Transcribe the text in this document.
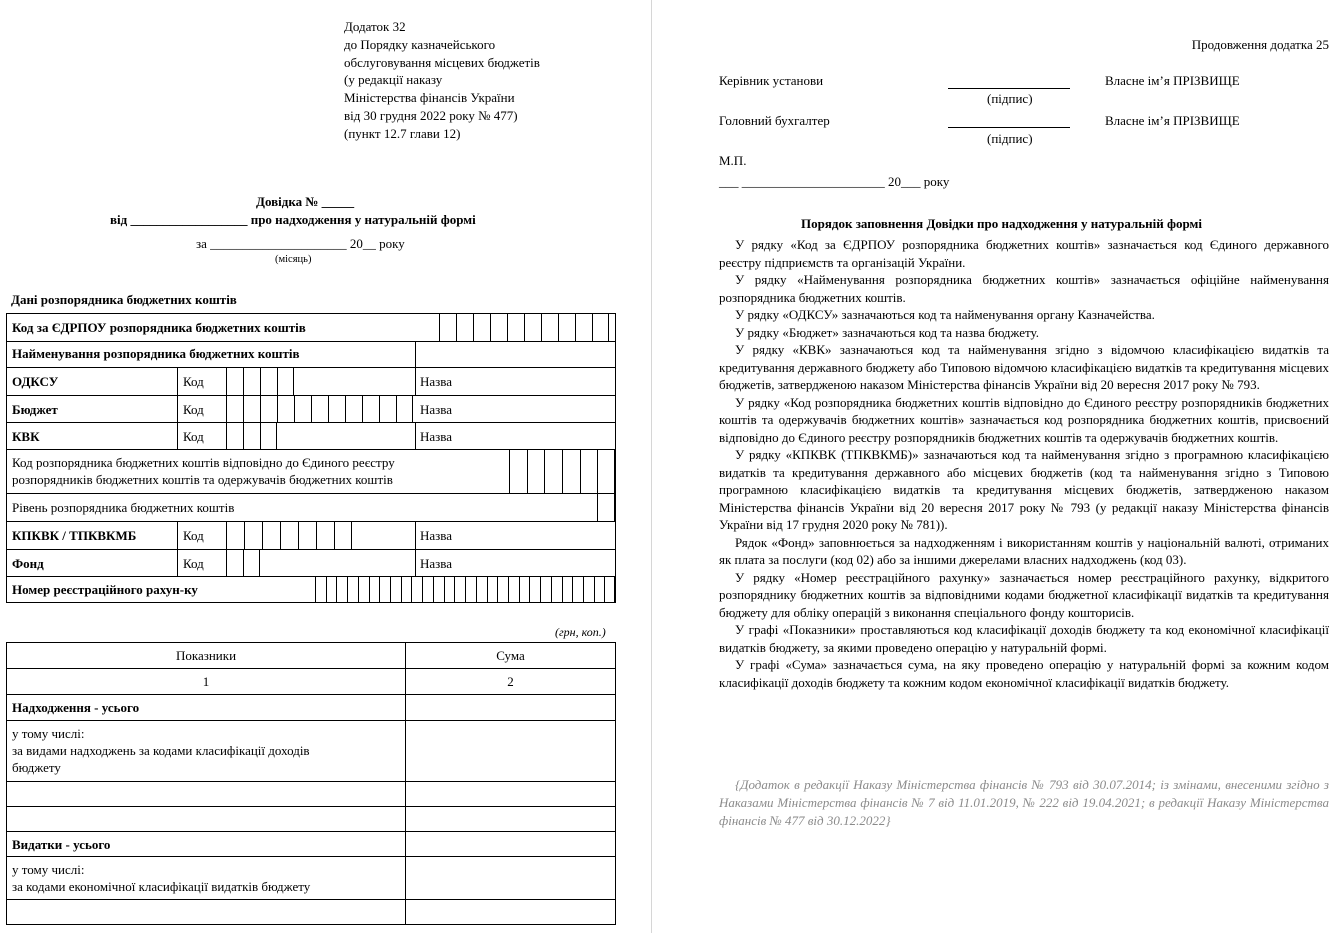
Додаток 32
до Порядку казначейського
обслуговування місцевих бюджетів
(у редакції наказу
Міністерства фінансів України
від 30 грудня 2022 року № 477)
(пункт 12.7 глави 12)
Довідка № _____
від __________________ про надходження у натуральній формі
за _____________________ 20__ року
(місяць)
Дані розпорядника бюджетних коштів
Код за ЄДРПОУ розпорядника бюджетних коштів
Найменування розпорядника бюджетних коштів
ОДКСУ	Код	Назва
Бюджет	Код	Назва
КВК	Код	Назва
Код розпорядника бюджетних коштів відповідно до Єдиного реєстру
розпорядників бюджетних коштів та одержувачів бюджетних коштів
Рівень розпорядника бюджетних коштів
КПКВК / ТПКВКМБ	Код	Назва
Фонд	Код	Назва
Номер реєстраційного рахун-ку
(грн, коп.)
Показники	Сума
1	2
Надходження - усього
у тому числі:
за видами надходжень за кодами класифікації доходів
бюджету
Видатки - усього
у тому числі:
за кодами економічної класифікації видатків бюджету
Продовження додатка 25
Керівник установи
(підпис)
Власне ім’я ПРІЗВИЩЕ
Головний бухгалтер
(підпис)
Власне ім’я ПРІЗВИЩЕ
М.П.
___ ______________________ 20___ року
Порядок заповнення Довідки про надходження у натуральній формі

У рядку «Код за ЄДРПОУ розпорядника бюджетних коштів» зазначається код Єдиного державного реєстру підприємств та організацій України.

У рядку «Найменування розпорядника бюджетних коштів» зазначається офіційне найменування розпорядника бюджетних коштів.

У рядку «ОДКСУ» зазначаються код та найменування органу Казначейства.

У рядку «Бюджет» зазначаються код та назва бюджету.

У рядку «КВК» зазначаються код та найменування згідно з відомчою класифікацією видатків та кредитування державного бюджету або Типовою відомчою класифікацією видатків та кредитування місцевих бюджетів, затвердженою наказом Міністерства фінансів України від 20 вересня 2017 року № 793.

У рядку «Код розпорядника бюджетних коштів відповідно до Єдиного реєстру розпорядників бюджетних коштів та одержувачів бюджетних коштів» зазначається код розпорядника бюджетних коштів, присвоєний відповідно до Єдиного реєстру розпорядників бюджетних коштів та одержувачів бюджетних коштів.

У рядку «КПКВК (ТПКВКМБ)» зазначаються код та найменування згідно з програмною класифікацією видатків та кредитування державного або місцевих бюджетів (код та найменування згідно з Типовою програмною класифікацією видатків та кредитування місцевих бюджетів, затвердженою наказом Міністерства фінансів України від 20 вересня 2017 року № 793 (у редакції наказу Міністерства фінансів України від 17 грудня 2020 року № 781)).

Рядок «Фонд» заповнюється за надходженням і використанням коштів у національній валюті, отриманих як плата за послуги (код 02) або за іншими джерелами власних надходжень (код 03).

У рядку «Номер реєстраційного рахунку» зазначається номер реєстраційного рахунку, відкритого розпоряднику бюджетних коштів за відповідними кодами бюджетної класифікації видатків та кредитування бюджету для обліку операцій з виконання спеціального фонду кошторисів.

У графі «Показники» проставляються код класифікації доходів бюджету та код економічної класифікації видатків бюджету, за якими проведено операцію у натуральній формі.

У графі «Сума» зазначається сума, на яку проведено операцію у натуральній формі за кожним кодом класифікації доходів бюджету та кожним кодом економічної класифікації видатків бюджету.

{Додаток в редакції Наказу Міністерства фінансів № 793 від 30.07.2014; із змінами, внесеними згідно з Наказами Міністерства фінансів № 7 від 11.01.2019, № 222 від 19.04.2021; в редакції Наказу Міністерства фінансів № 477 від 30.12.2022}
